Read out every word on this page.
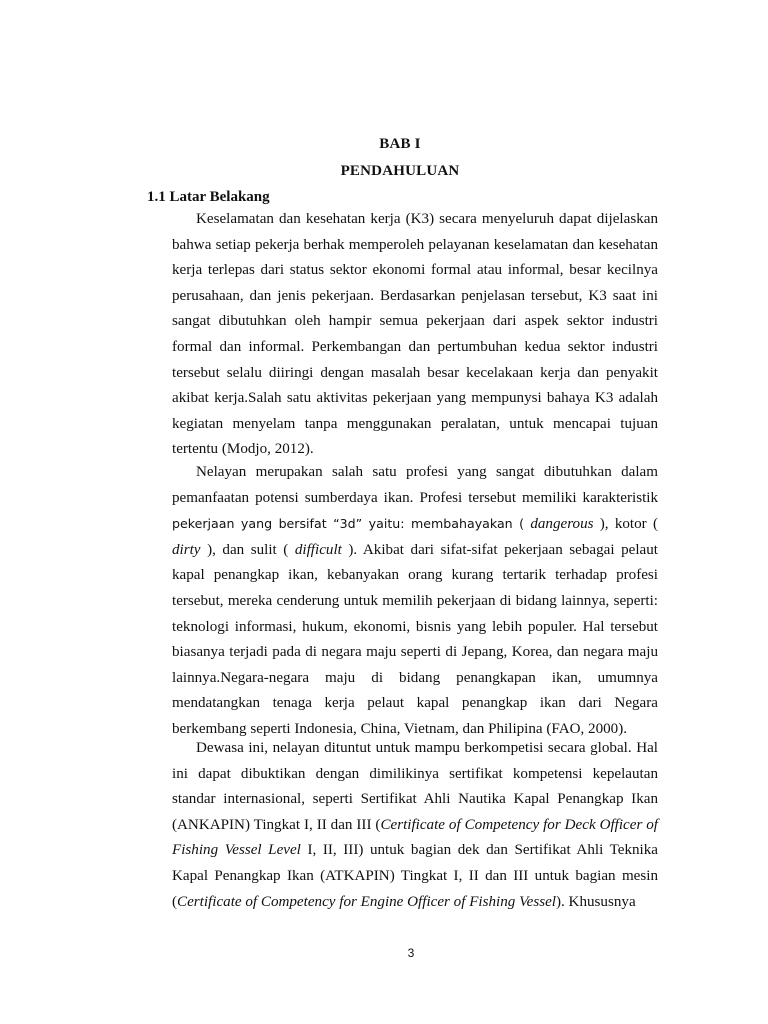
BAB I
PENDAHULUAN
1.1 Latar Belakang

Keselamatan dan kesehatan kerja (K3) secara menyeluruh dapat dijelaskan bahwa setiap pekerja berhak memperoleh pelayanan keselamatan dan kesehatan kerja terlepas dari status sektor ekonomi formal atau informal, besar kecilnya perusahaan, dan jenis pekerjaan. Berdasarkan penjelasan tersebut, K3 saat ini sangat dibutuhkan oleh hampir semua pekerjaan dari aspek sektor industri formal dan informal. Perkembangan dan pertumbuhan kedua sektor industri tersebut selalu diiringi dengan masalah besar kecelakaan kerja dan penyakit akibat kerja.Salah satu aktivitas pekerjaan yang mempunysi bahaya K3 adalah kegiatan menyelam tanpa menggunakan peralatan, untuk mencapai tujuan tertentu (Modjo, 2012).

Nelayan merupakan salah satu profesi yang sangat dibutuhkan dalam pemanfaatan potensi sumberdaya ikan. Profesi tersebut memiliki karakteristik pekerjaan yang bersifat “3d” yaitu: membahayakan ( dangerous ), kotor ( dirty ), dan sulit ( difficult ). Akibat dari sifat-sifat pekerjaan sebagai pelaut kapal penangkap ikan, kebanyakan orang kurang tertarik terhadap profesi tersebut, mereka cenderung untuk memilih pekerjaan di bidang lainnya, seperti: teknologi informasi, hukum, ekonomi, bisnis yang lebih populer. Hal tersebut biasanya terjadi pada di negara maju seperti di Jepang, Korea, dan negara maju lainnya.Negara-negara maju di bidang penangkapan ikan, umumnya mendatangkan tenaga kerja pelaut kapal penangkap ikan dari Negara berkembang seperti Indonesia, China, Vietnam, dan Philipina (FAO, 2000).

Dewasa ini, nelayan dituntut untuk mampu berkompetisi secara global. Hal ini dapat dibuktikan dengan dimilikinya sertifikat kompetensi kepelautan standar internasional, seperti Sertifikat Ahli Nautika Kapal Penangkap Ikan (ANKAPIN) Tingkat I, II dan III (Certificate of Competency for Deck Officer of Fishing Vessel Level I, II, III) untuk bagian dek dan Sertifikat Ahli Teknika Kapal Penangkap Ikan (ATKAPIN) Tingkat I, II dan III untuk bagian mesin (Certificate of Competency for Engine Officer of Fishing Vessel). Khususnya

3
